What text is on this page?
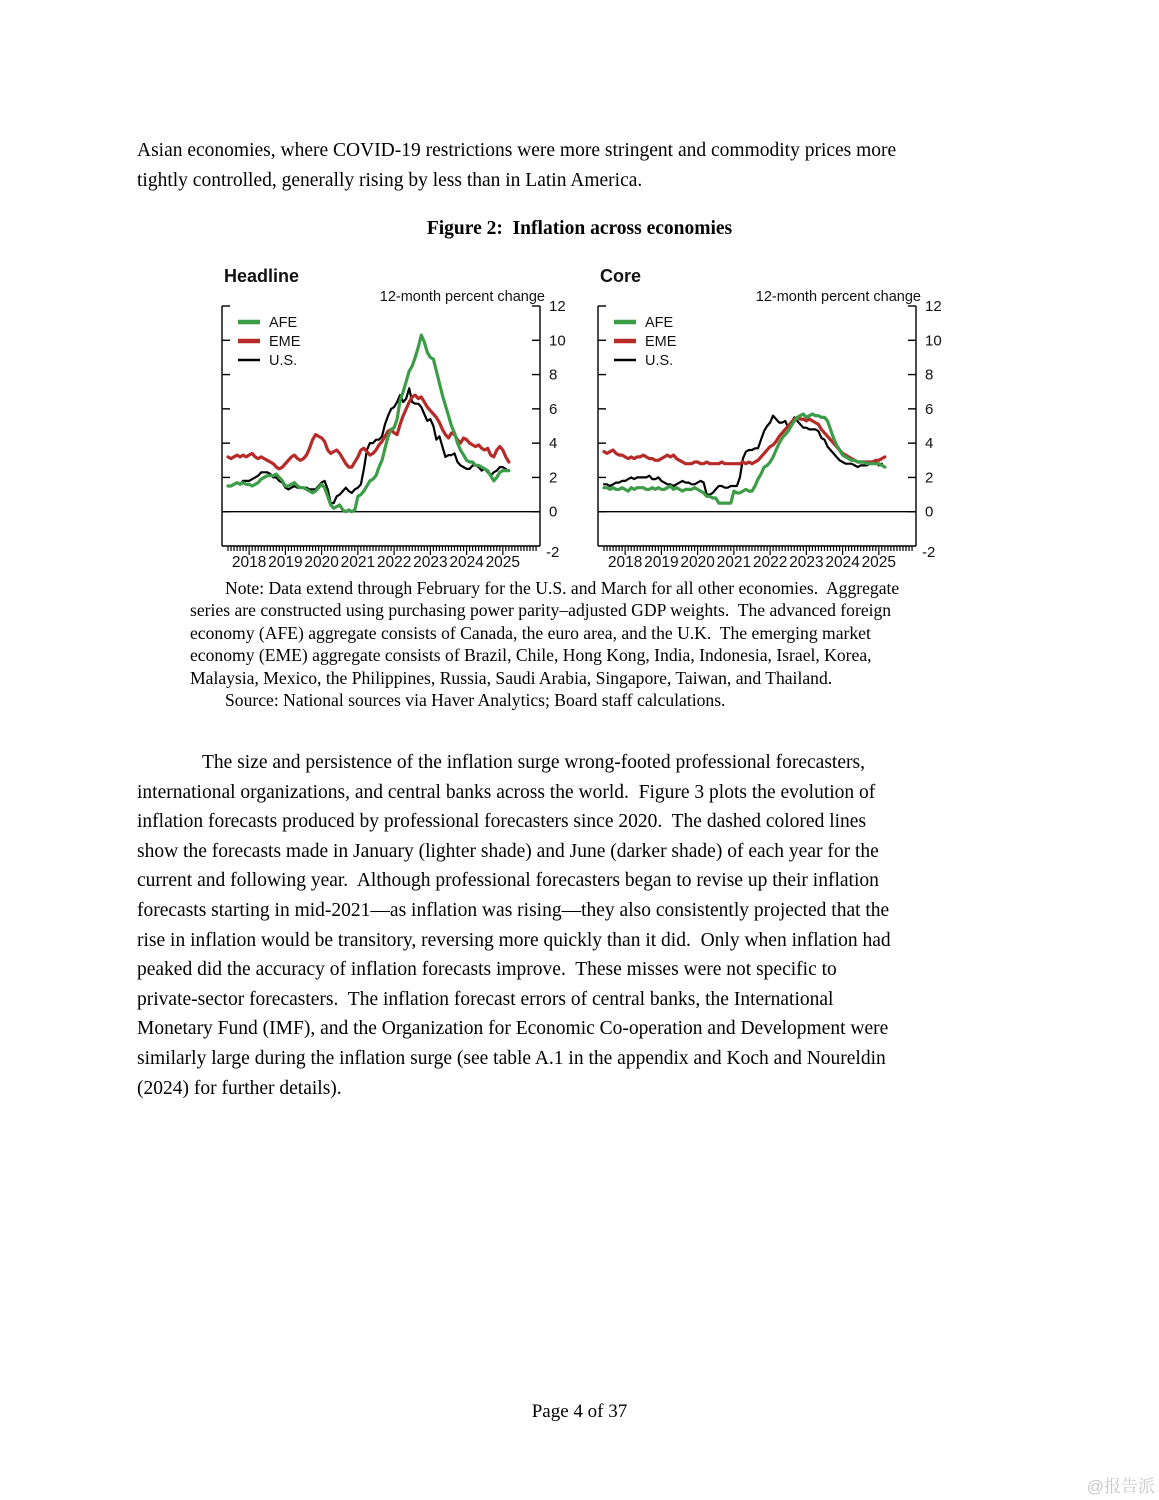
Asian economies, where COVID-19 restrictions were more stringent and commodity prices more
tightly controlled, generally rising by less than in Latin America.
Figure 2:  Inflation across economies
Headline
12-month percent change
0
2
4
6
8
10
12
-2
2018 2019 2020 2021 2022 2023 2024 2025
AFE
EME
U.S.
Core
12-month percent change
0
2
4
6
8
10
12
-2
2018 2019 2020 2021 2022 2023 2024 2025
AFE
EME
U.S.
Note: Data extend through February for the U.S. and March for all other economies.  Aggregate
series are constructed using purchasing power parity–adjusted GDP weights.  The advanced foreign
economy (AFE) aggregate consists of Canada, the euro area, and the U.K.  The emerging market
economy (EME) aggregate consists of Brazil, Chile, Hong Kong, India, Indonesia, Israel, Korea,
Malaysia, Mexico, the Philippines, Russia, Saudi Arabia, Singapore, Taiwan, and Thailand.
Source: National sources via Haver Analytics; Board staff calculations.
The size and persistence of the inflation surge wrong-footed professional forecasters,
international organizations, and central banks across the world.  Figure 3 plots the evolution of
inflation forecasts produced by professional forecasters since 2020.  The dashed colored lines
show the forecasts made in January (lighter shade) and June (darker shade) of each year for the
current and following year.  Although professional forecasters began to revise up their inflation
forecasts starting in mid-2021—as inflation was rising—they also consistently projected that the
rise in inflation would be transitory, reversing more quickly than it did.  Only when inflation had
peaked did the accuracy of inflation forecasts improve.  These misses were not specific to
private-sector forecasters.  The inflation forecast errors of central banks, the International
Monetary Fund (IMF), and the Organization for Economic Co-operation and Development were
similarly large during the inflation surge (see table A.1 in the appendix and Koch and Noureldin
(2024) for further details).
Page 4 of 37
@报告派
